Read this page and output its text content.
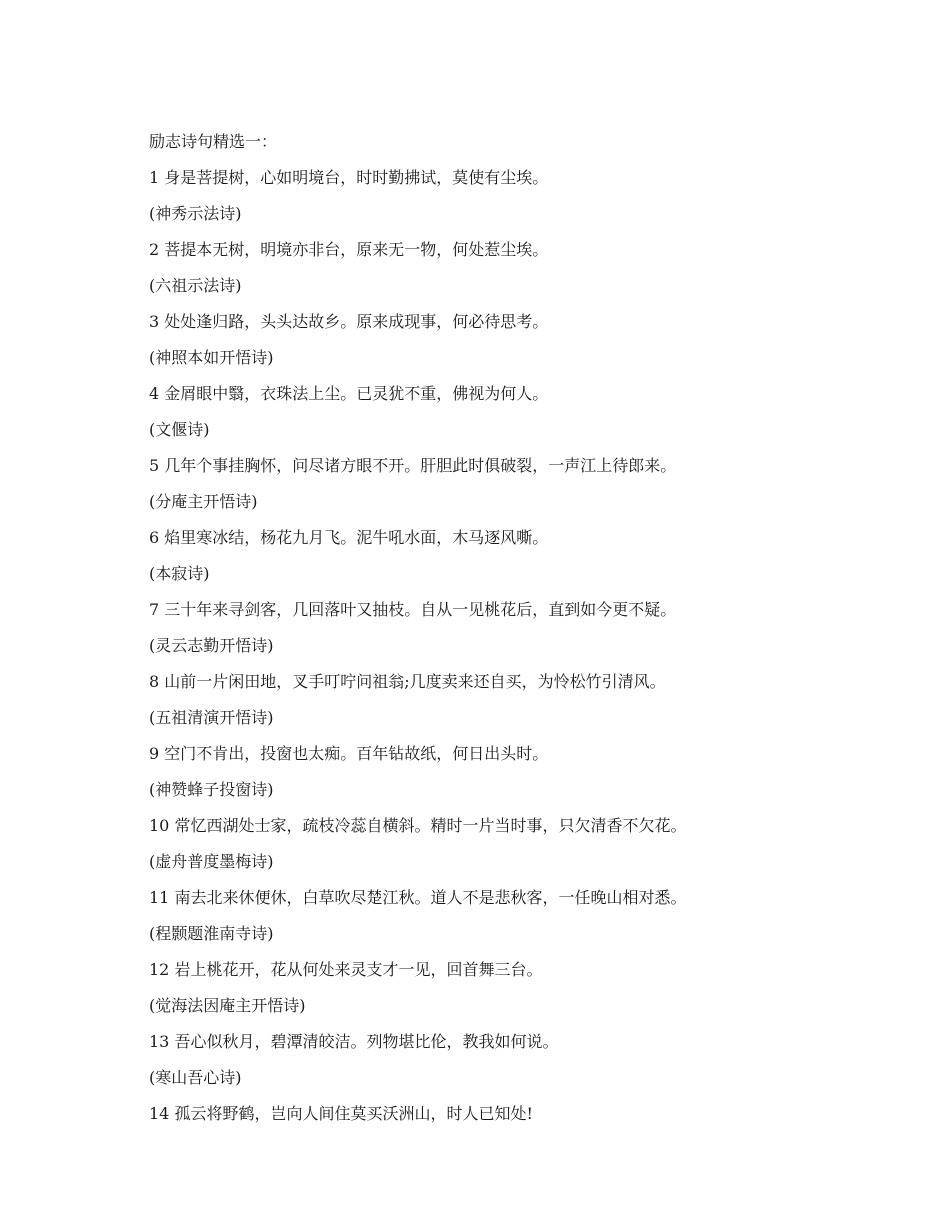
励志诗句精选一：
1 身是菩提树，心如明境台，时时勤拂试，莫使有尘埃。
(神秀示法诗)
2 菩提本无树，明境亦非台，原来无一物，何处惹尘埃。
(六祖示法诗)
3 处处逢归路，头头达故乡。原来成现事，何必待思考。
(神照本如开悟诗)
4 金屑眼中翳，衣珠法上尘。已灵犹不重，佛视为何人。
(文偃诗)
5 几年个事挂胸怀，问尽诸方眼不开。肝胆此时俱破裂，一声江上待郎来。
(分庵主开悟诗)
6 焰里寒冰结，杨花九月飞。泥牛吼水面，木马逐风嘶。
(本寂诗)
7 三十年来寻剑客，几回落叶又抽枝。自从一见桃花后，直到如今更不疑。
(灵云志勤开悟诗)
8 山前一片闲田地，叉手叮咛问祖翁;几度卖来还自买，为怜松竹引清风。
(五祖清演开悟诗)
9 空门不肯出，投窗也太痴。百年钻故纸，何日出头时。
(神赞蜂子投窗诗)
10 常忆西湖处士家，疏枝冷蕊自横斜。精时一片当时事，只欠清香不欠花。
(虚舟普度墨梅诗)
11 南去北来休便休，白草吹尽楚江秋。道人不是悲秋客，一任晚山相对悉。
(程颢题淮南寺诗)
12 岩上桃花开，花从何处来灵支才一见，回首舞三台。
(觉海法因庵主开悟诗)
13 吾心似秋月，碧潭清皎洁。列物堪比伦，教我如何说。
(寒山吾心诗)
14 孤云将野鹤，岂向人间住莫买沃洲山，时人已知处!
